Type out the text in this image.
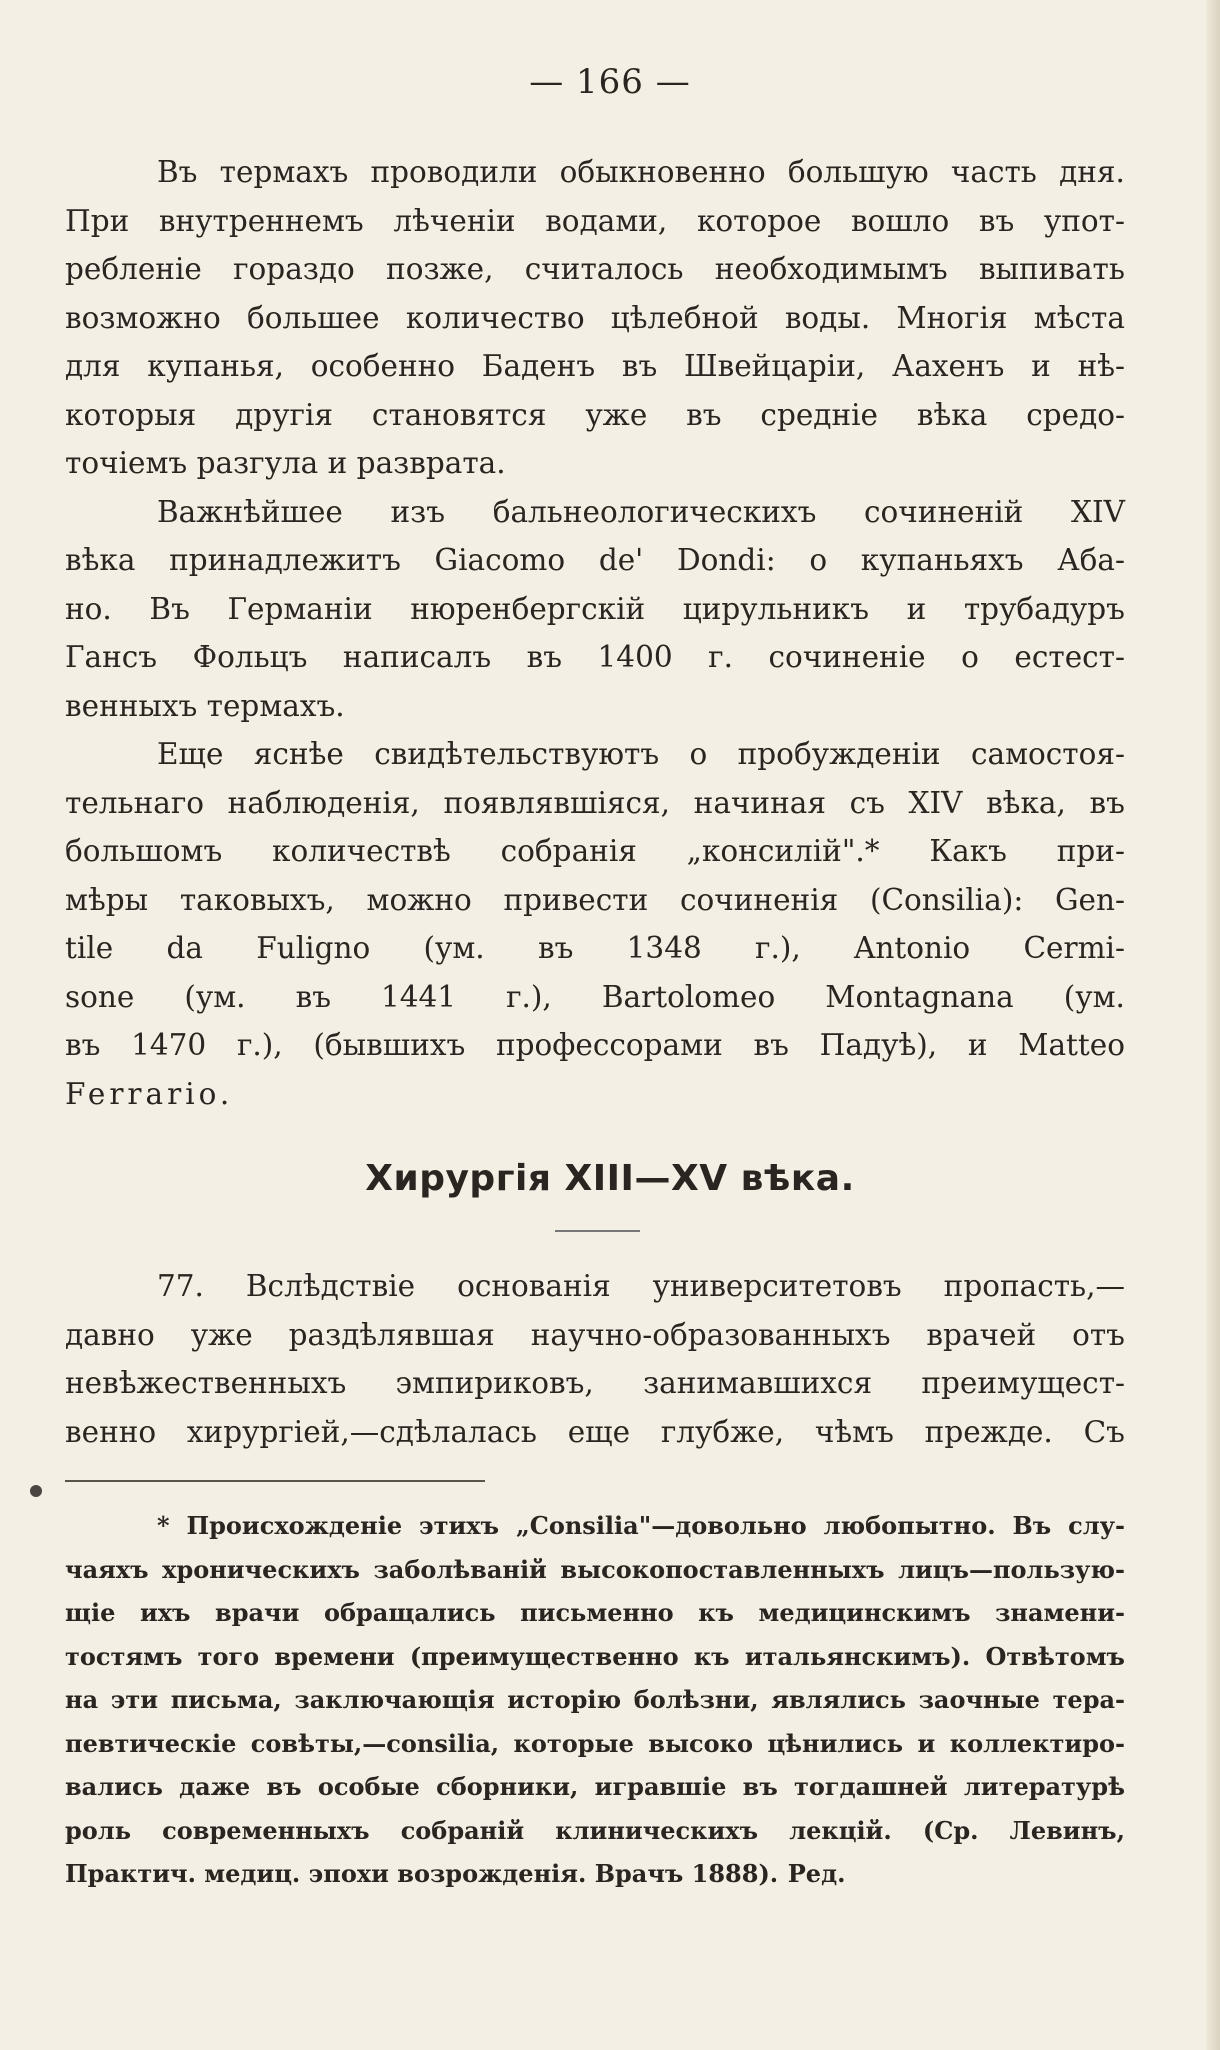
— 166 —
Въ термахъ проводили обыкновенно большую часть дня.
При внутреннемъ лѣченіи водами, которое вошло въ упот-
ребленіе гораздо позже, считалось необходимымъ выпивать
возможно большее количество цѣлебной воды. Многія мѣста
для купанья, особенно Баденъ въ Швейцаріи, Аахенъ и нѣ-
которыя другія становятся уже въ средніе вѣка средо-
точіемъ разгула и разврата.
Важнѣйшее изъ бальнеологическихъ сочиненій XIV
вѣка принадлежитъ Giacomo de' Dondi: о купаньяхъ Аба-
но. Въ Германіи нюренбергскій цирульникъ и трубадуръ
Гансъ Фольцъ написалъ въ 1400 г. сочиненіе о естест-
венныхъ термахъ.
Еще яснѣе свидѣтельствуютъ о пробужденіи самостоя-
тельнаго наблюденія, появлявшіяся, начиная съ XIV вѣка, въ
большомъ количествѣ собранія „консилій".* Какъ при-
мѣры таковыхъ, можно привести сочиненія (Consilia): Gen-
tile da Fuligno (ум. въ 1348 г.), Antonio Cermi-
sone (ум. въ 1441 г.), Bartolomeo Montagnana (ум.
въ 1470 г.), (бывшихъ профессорами въ Падуѣ), и Matteo
Ferrario.
Хирургія XIII—XV вѣка.
77. Вслѣдствіе основанія университетовъ пропасть,—
давно уже раздѣлявшая научно-образованныхъ врачей отъ
невѣжественныхъ эмпириковъ, занимавшихся преимущест-
венно хирургіей,—сдѣлалась еще глубже, чѣмъ прежде. Съ
* Происхожденіе этихъ „Consilia"—довольно любопытно. Въ слу-
чаяхъ хроническихъ заболѣваній высокопоставленныхъ лицъ—пользую-
щіе ихъ врачи обращались письменно къ медицинскимъ знамени-
тостямъ того времени (преимущественно къ итальянскимъ). Отвѣтомъ
на эти письма, заключающія исторію болѣзни, являлись заочные тера-
певтическіе совѣты,—consilia, которые высоко цѣнились и коллектиро-
вались даже въ особые сборники, игравшіе въ тогдашней литературѣ
роль современныхъ собраній клиническихъ лекцій. (Ср. Левинъ,
Практич. медиц. эпохи возрожденія. Врачъ 1888). Ред.
